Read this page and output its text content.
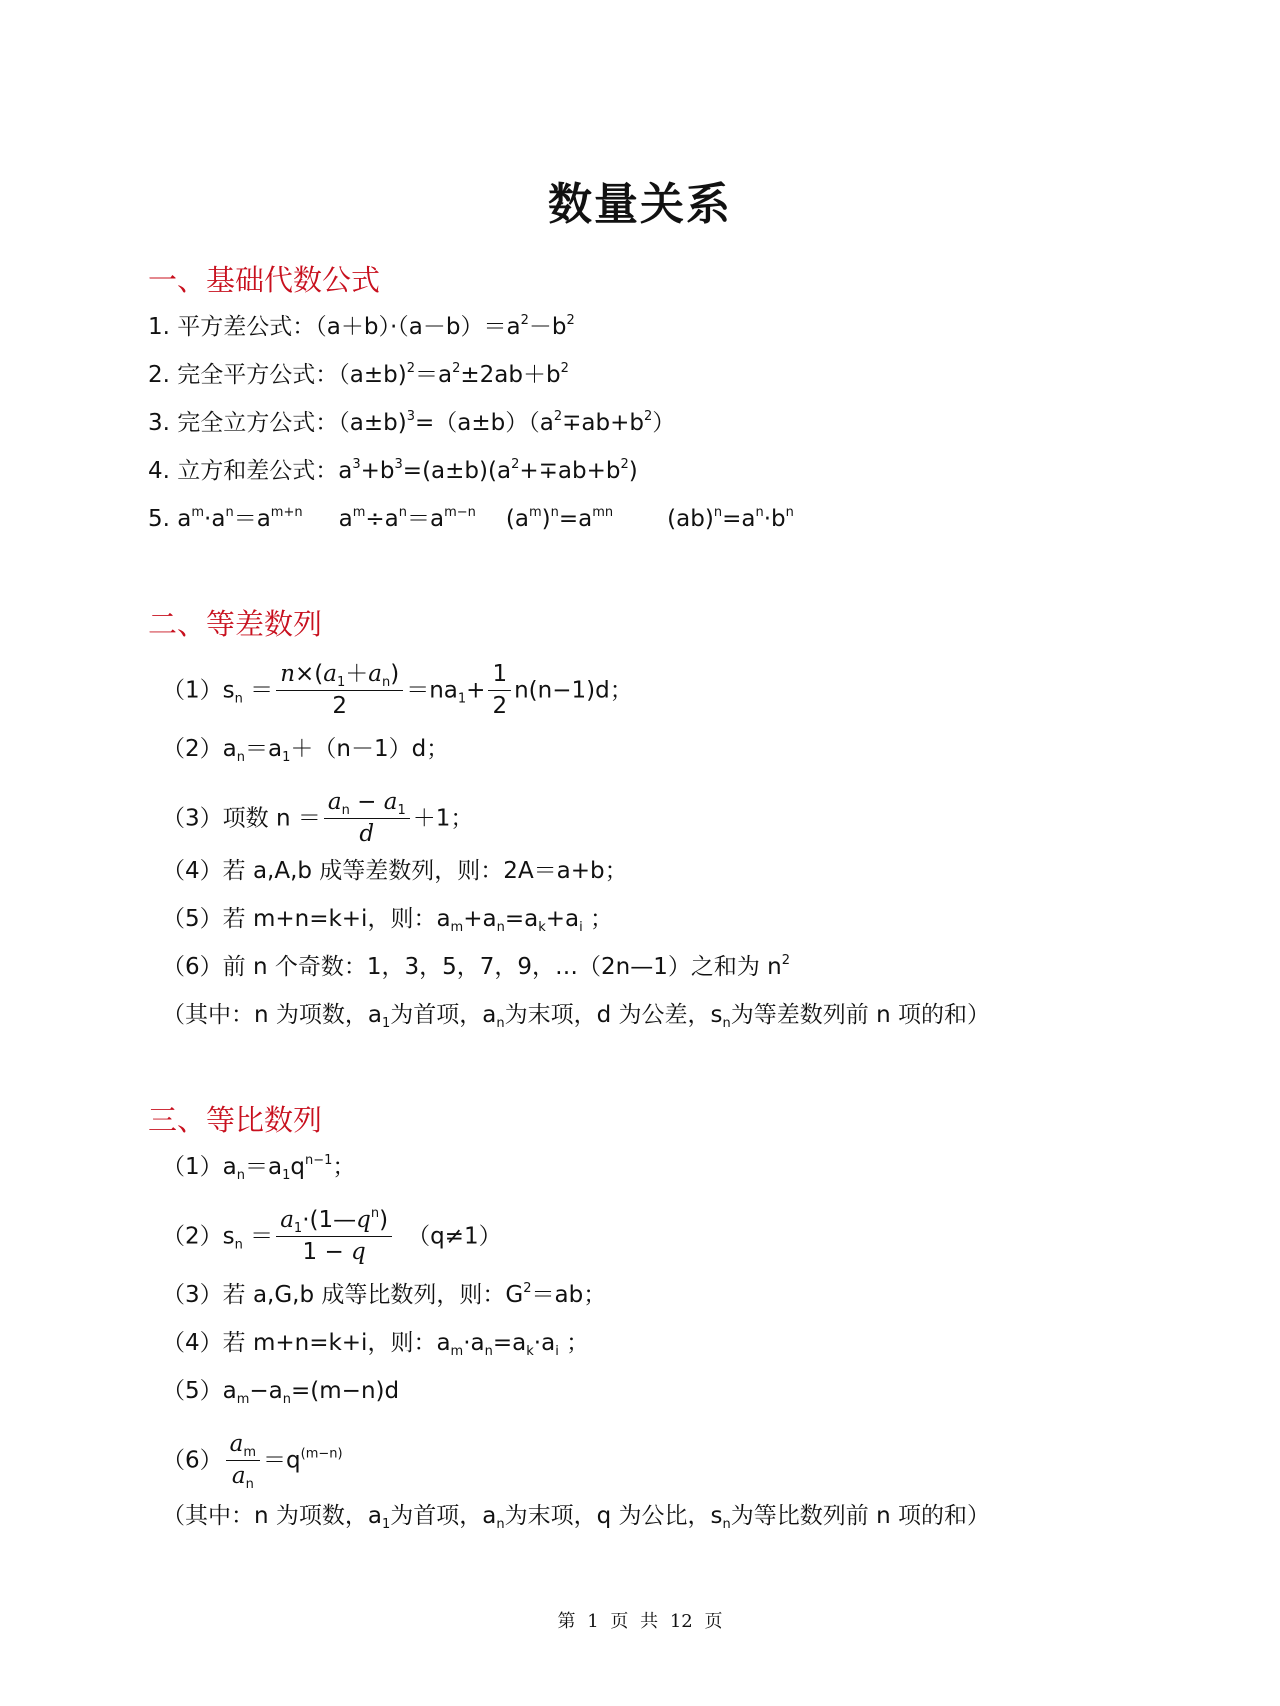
数量关系
一、基础代数公式
1. 平方差公式：$(a+b)\cdot(a-b)=a^2-b^2$
2. 完全平方公式：$(a\pm b)^2=a^2\pm 2ab+b^2$
3. 完全立方公式：$(a\pm b)^3=(a\pm b)(a^2\mp ab+b^2)$
4. 立方和差公式：$a^3+b^3=(a\pm b)(a^2+\mp ab+b^2)$
5. $a^m\cdot a^n=a^{m+n}$ $a^m\div a^n=a^{m-n}$ $(a^m)^n=a^{mn}$ $(ab)^n=a^n\cdot b^n$
二、等差数列
$(1)s_n = \frac{n\times(a_1+a_n)}{2} =na_1+ \frac{1}{2} n(n-1)d$；
$(2)a_n=a_1+(n-1)d$；
（3）项数 $n = \frac{a_n - a_1}{d} +1$；
（4）若 a,A,b 成等差数列，则：2A＝a+b；
（5）若 m+n=k+i，则：$a_m+a_n=a_k+a_i$ ；
（6）前 n 个奇数：1，3，5，7，9，…（2n—1）之和为 $n^2$
（其中：n 为项数，$a_1$为首项，$a_n$为末项，d 为公差，$s_n$为等差数列前 n 项的和）
三、等比数列
$(1)a_n=a_1q^{n-1}$；
$(2)s_n = \frac{a_1\cdot(1—q^n)}{1 - q} (q\ne 1)$
（3）若 a,G,b 成等比数列，则：$G^2=ab$；
（4）若 m+n=k+i，则：$a_m\cdot a_n=a_k\cdot a_i$ ；
$(5)a_m-a_n=(m-n)d$
$(6) \frac{a_m}{a_n} =q^{(m-n)}$
（其中：n 为项数，$a_1$为首项，$a_n$为末项，q 为公比，$s_n$为等比数列前 n 项的和）
第 1 页 共 12 页
